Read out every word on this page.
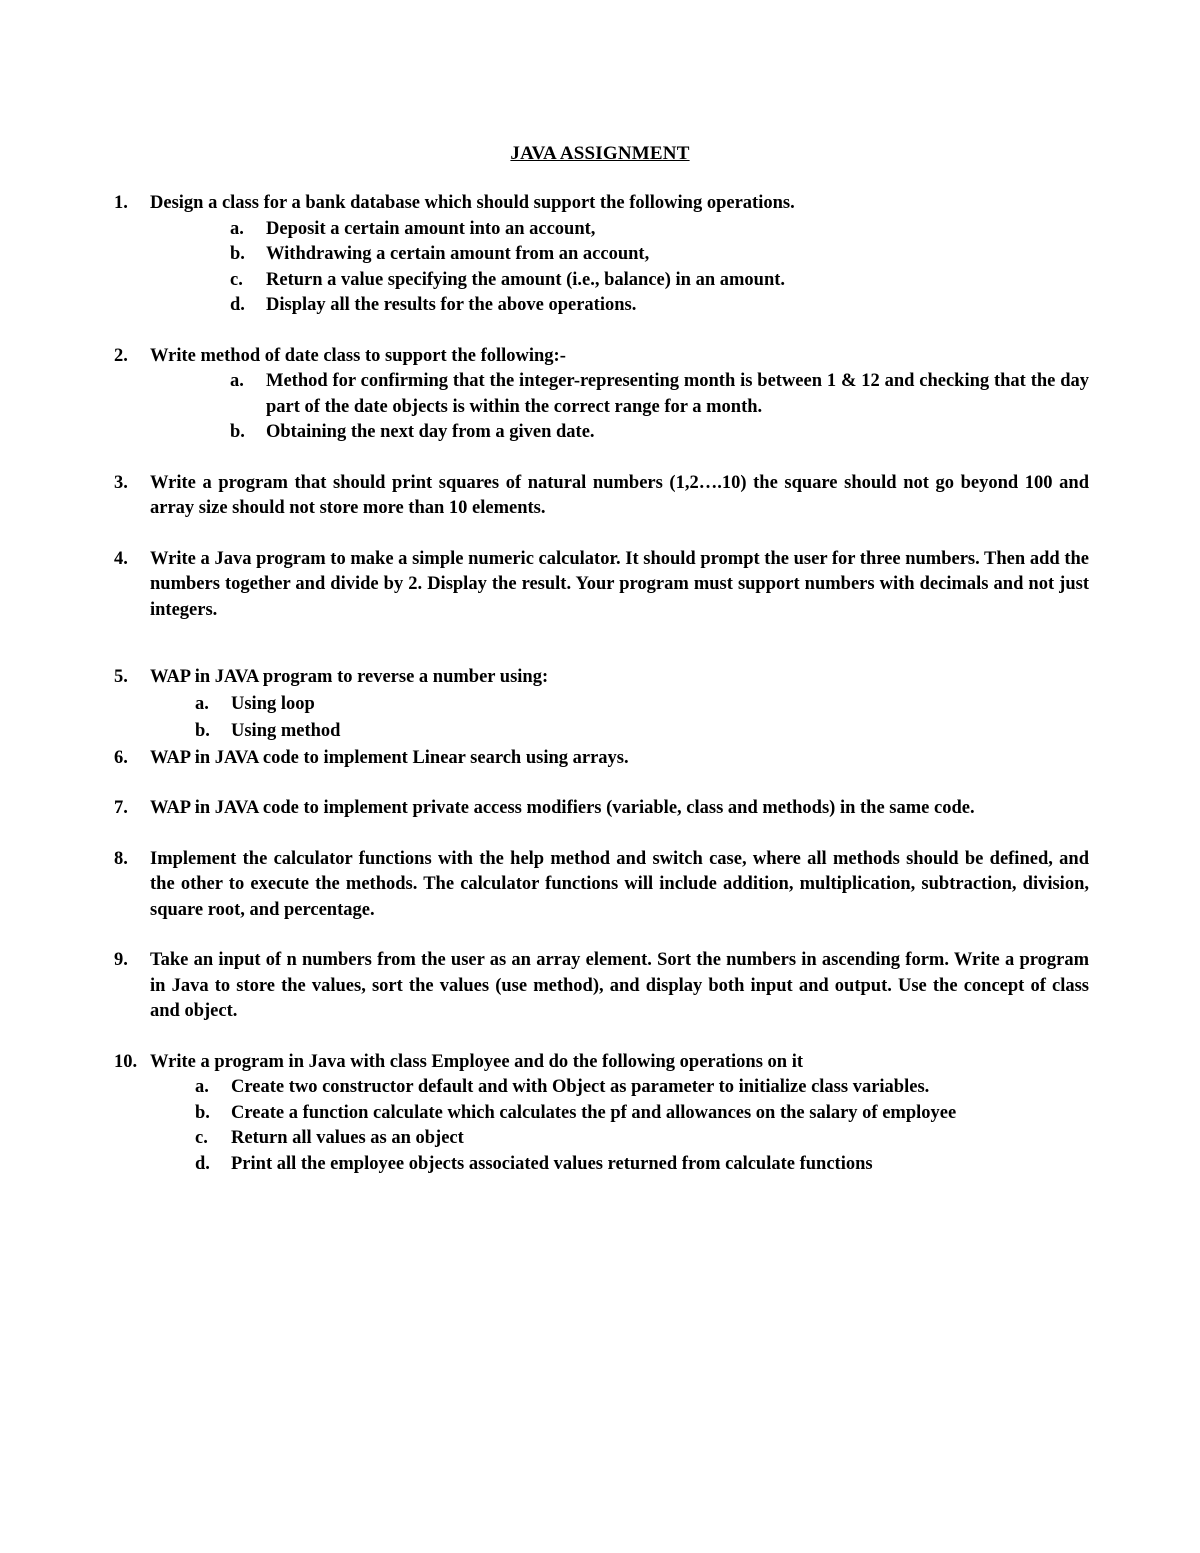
JAVA ASSIGNMENT
1.	Design a class for a bank database which should support the following operations.
a. Deposit a certain amount into an account,
b. Withdrawing a certain amount from an account,
c. Return a value specifying the amount (i.e., balance) in an amount.
d. Display all the results for the above operations.
2.	Write method of date class to support the following:-
a. Method for confirming that the integer-representing month is between 1 & 12 and checking that the day part of the date objects is within the correct range for a month.
b. Obtaining the next day from a given date.
3.	Write a program that should print squares of natural numbers (1,2….10) the square should not go beyond 100 and array size should not store more than 10 elements.
4.	Write a Java program to make a simple numeric calculator. It should prompt the user for three numbers. Then add the numbers together and divide by 2. Display the result. Your program must support numbers with decimals and not just integers.
5.	WAP in JAVA program to reverse a number using:
a. Using loop
b. Using method
6.	WAP in JAVA code to implement Linear search using arrays.
7.	WAP in JAVA code to implement private access modifiers (variable, class and methods) in the same code.
8.	Implement the calculator functions with the help method and switch case, where all methods should be defined, and the other to execute the methods. The calculator functions will include addition, multiplication, subtraction, division, square root, and percentage.
9.	Take an input of n numbers from the user as an array element. Sort the numbers in ascending form. Write a program in Java to store the values, sort the values (use method), and display both input and output. Use the concept of class and object.
10. Write a program in Java with class Employee and do the following operations on it
a. Create two constructor default and with Object as parameter to initialize class variables.
b. Create a function calculate which calculates the pf and allowances on the salary of employee
c. Return all values as an object
d. Print all the employee objects associated values returned from calculate functions
